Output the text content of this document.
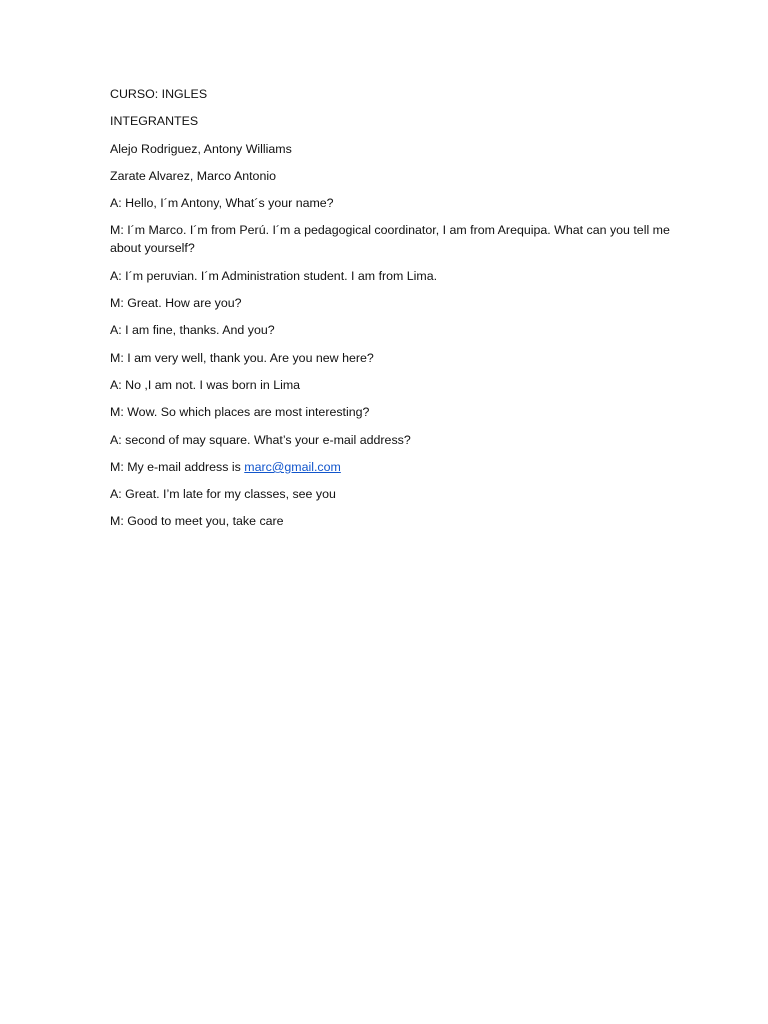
CURSO: INGLES

INTEGRANTES

Alejo Rodriguez, Antony Williams

Zarate Alvarez, Marco Antonio

A: Hello, I´m Antony, What´s your name?

M: I´m Marco. I´m from Perú. I´m a pedagogical coordinator, I am from Arequipa. What can you tell me about yourself?

A: I´m peruvian. I´m Administration student. I am from Lima.

M: Great. How are you?

A: I am fine, thanks. And you?

M: I am very well, thank you. Are you new here?

A: No ,I am not. I was born in Lima

M: Wow. So which places are most interesting?

A: second of may square. What’s your e-mail address?

M: My e-mail address is marc@gmail.com

A: Great. I’m late for my classes, see you

M: Good to meet you, take care
